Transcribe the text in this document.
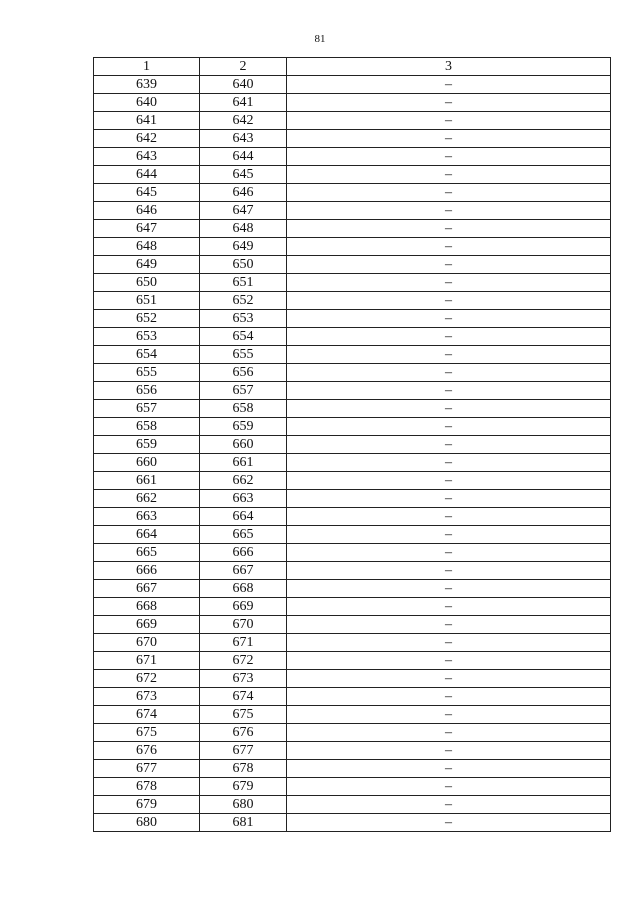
81
1	2	3
639	640	–
640	641	–
641	642	–
642	643	–
643	644	–
644	645	–
645	646	–
646	647	–
647	648	–
648	649	–
649	650	–
650	651	–
651	652	–
652	653	–
653	654	–
654	655	–
655	656	–
656	657	–
657	658	–
658	659	–
659	660	–
660	661	–
661	662	–
662	663	–
663	664	–
664	665	–
665	666	–
666	667	–
667	668	–
668	669	–
669	670	–
670	671	–
671	672	–
672	673	–
673	674	–
674	675	–
675	676	–
676	677	–
677	678	–
678	679	–
679	680	–
680	681	–
